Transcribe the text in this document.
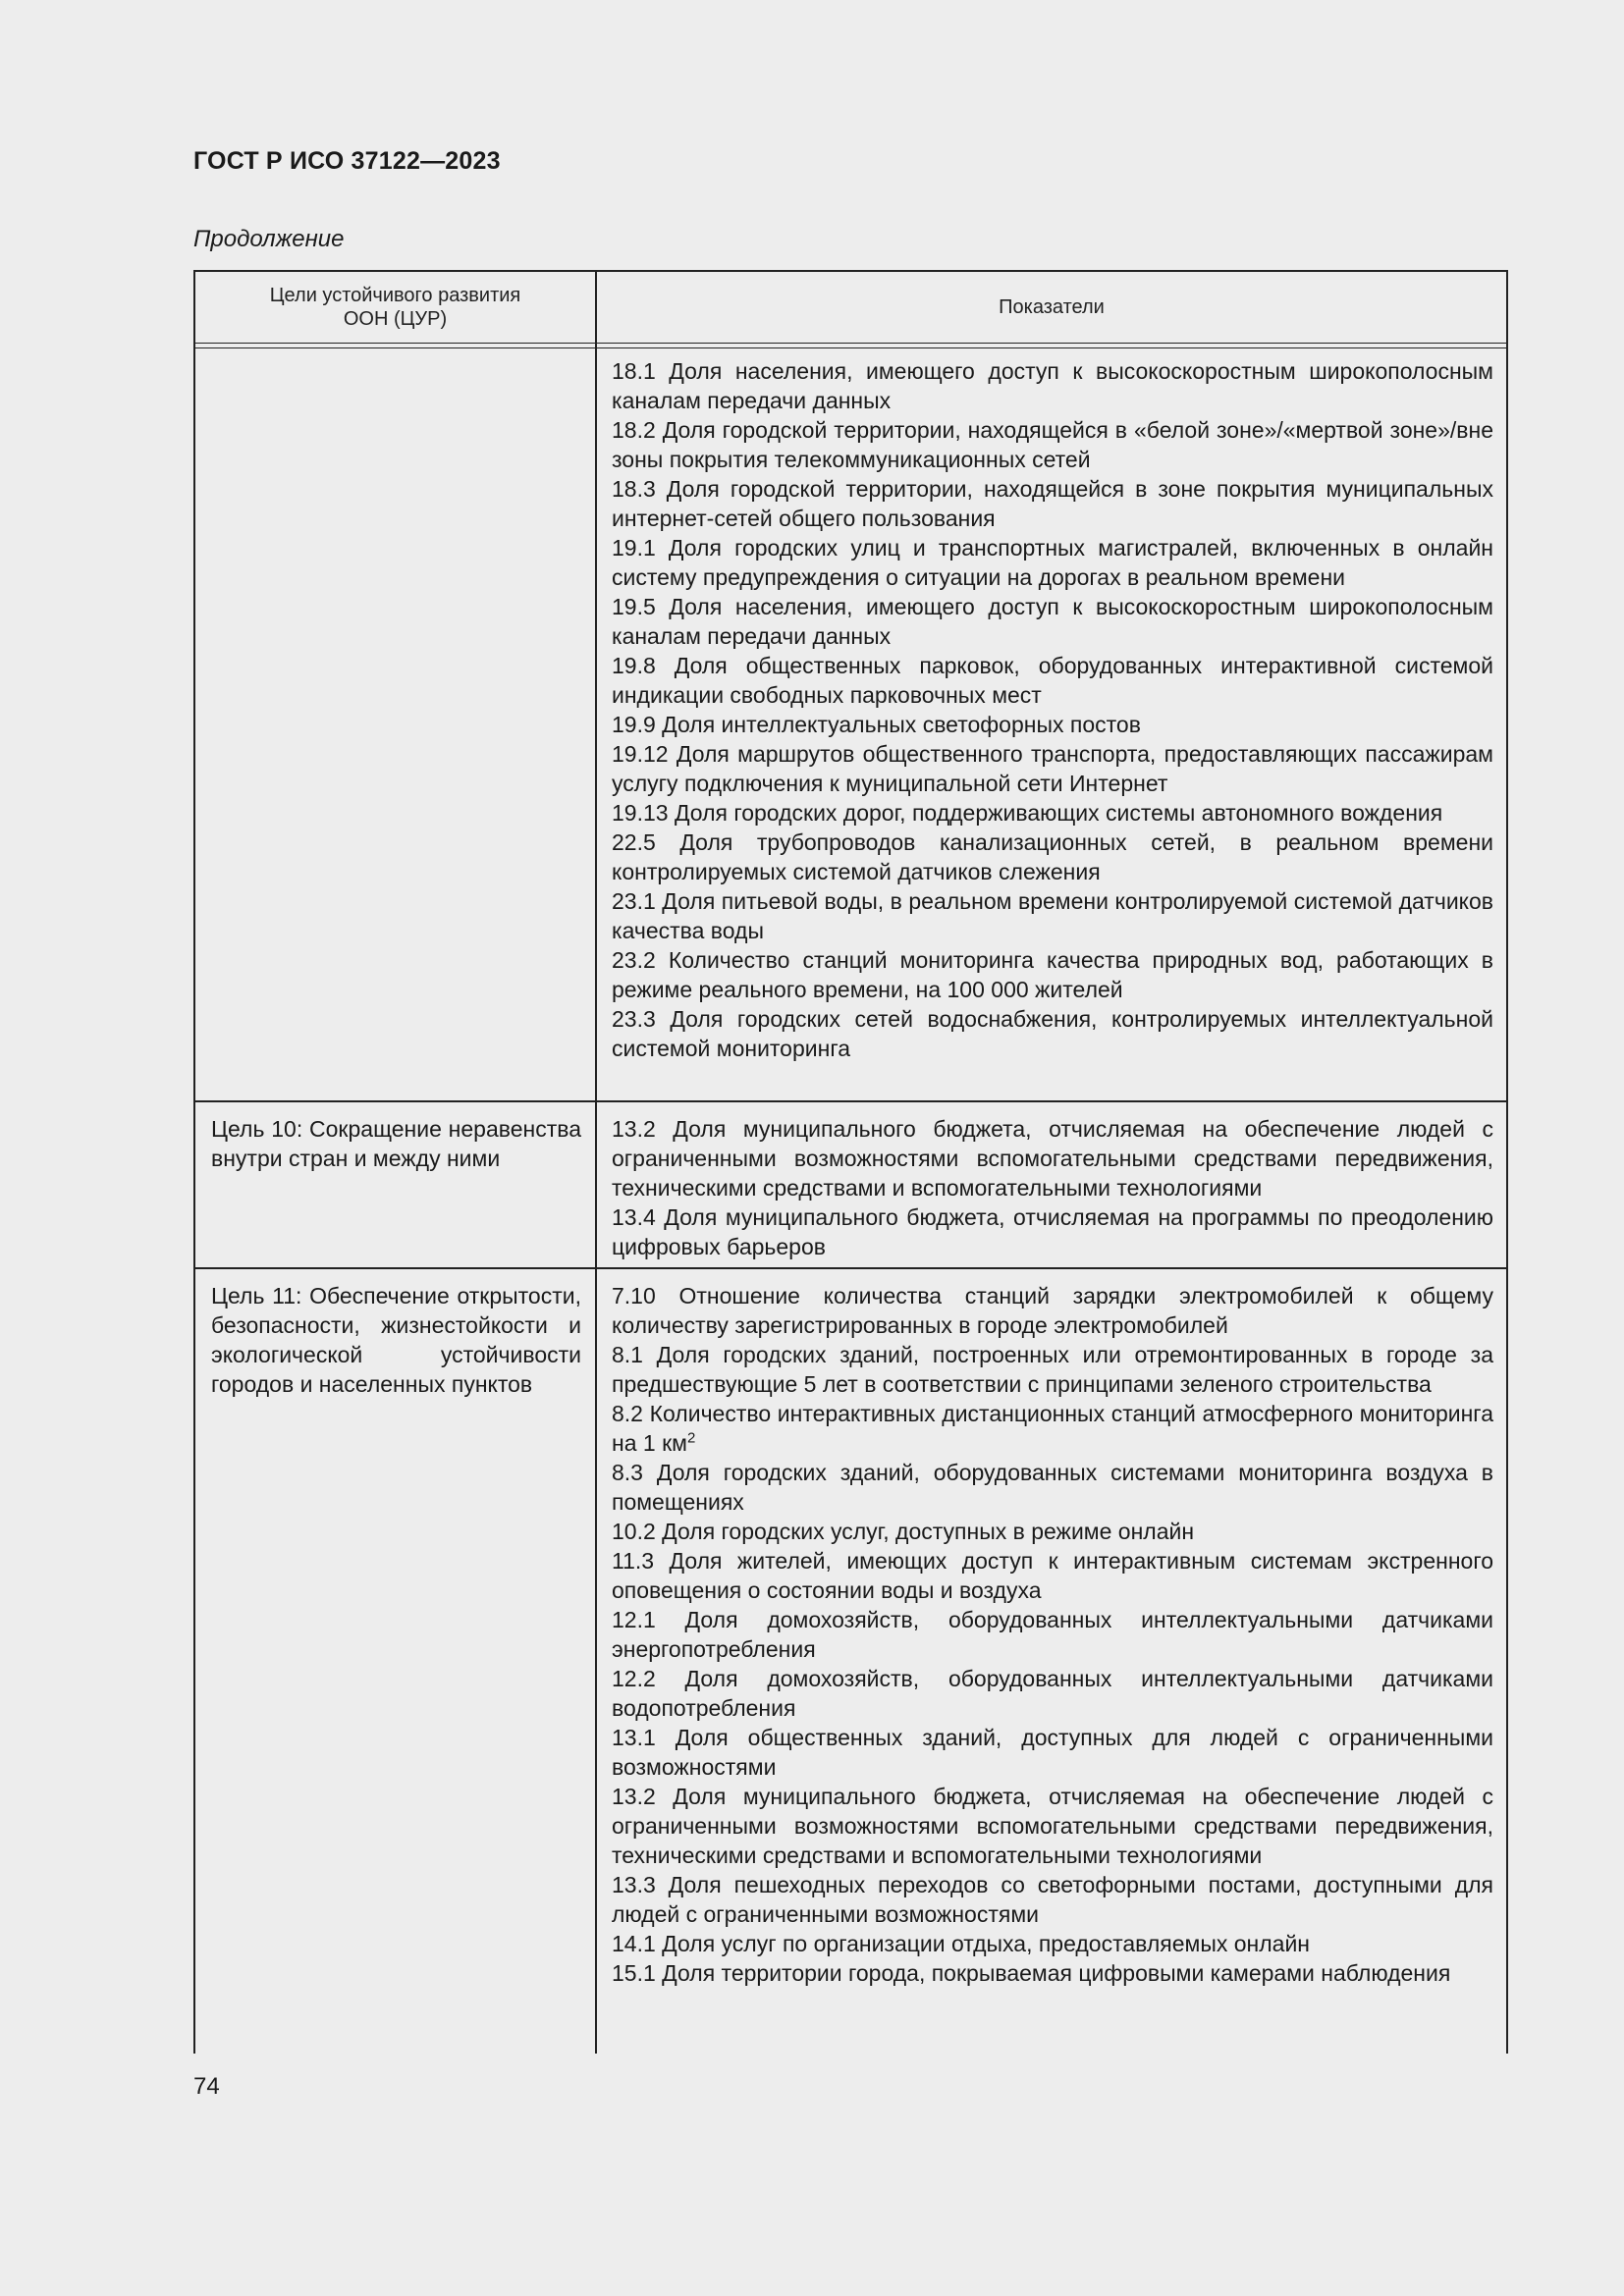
ГОСТ Р ИСО 37122—2023
Продолжение
Цели устойчивого развития ООН (ЦУР)
Показатели
18.1 Доля населения, имеющего доступ к высокоскоростным широкополосным каналам передачи данных
18.2 Доля городской территории, находящейся в «белой зоне»/«мертвой зоне»/вне зоны покрытия телекоммуникационных сетей
18.3 Доля городской территории, находящейся в зоне покрытия муниципальных интернет-сетей общего пользования
19.1 Доля городских улиц и транспортных магистралей, включенных в онлайн систему предупреждения о ситуации на дорогах в реальном времени
19.5 Доля населения, имеющего доступ к высокоскоростным широкополосным каналам передачи данных
19.8 Доля общественных парковок, оборудованных интерактивной системой индикации свободных парковочных мест
19.9 Доля интеллектуальных светофорных постов
19.12 Доля маршрутов общественного транспорта, предоставляющих пассажирам услугу подключения к муниципальной сети Интернет
19.13 Доля городских дорог, поддерживающих системы автономного вождения
22.5 Доля трубопроводов канализационных сетей, в реальном времени контролируемых системой датчиков слежения
23.1 Доля питьевой воды, в реальном времени контролируемой системой датчиков качества воды
23.2 Количество станций мониторинга качества природных вод, работающих в режиме реального времени, на 100 000 жителей
23.3 Доля городских сетей водоснабжения, контролируемых интеллектуальной системой мониторинга
Цель 10: Сокращение неравенства внутри стран и между ними
13.2 Доля муниципального бюджета, отчисляемая на обеспечение людей с ограниченными возможностями вспомогательными средствами передвижения, техническими средствами и вспомогательными технологиями
13.4 Доля муниципального бюджета, отчисляемая на программы по преодолению цифровых барьеров
Цель 11: Обеспечение открытости, безопасности, жизнестойкости и экологической устойчивости городов и населенных пунктов
7.10 Отношение количества станций зарядки электромобилей к общему количеству зарегистрированных в городе электромобилей
8.1 Доля городских зданий, построенных или отремонтированных в городе за предшествующие 5 лет в соответствии с принципами зеленого строительства
8.2 Количество интерактивных дистанционных станций атмосферного мониторинга на 1 $км^2$
8.3 Доля городских зданий, оборудованных системами мониторинга воздуха в помещениях
10.2 Доля городских услуг, доступных в режиме онлайн
11.3 Доля жителей, имеющих доступ к интерактивным системам экстренного оповещения о состоянии воды и воздуха
12.1 Доля домохозяйств, оборудованных интеллектуальными датчиками энергопотребления
12.2 Доля домохозяйств, оборудованных интеллектуальными датчиками водопотребления
13.1 Доля общественных зданий, доступных для людей с ограниченными возможностями
13.2 Доля муниципального бюджета, отчисляемая на обеспечение людей с ограниченными возможностями вспомогательными средствами передвижения, техническими средствами и вспомогательными технологиями
13.3 Доля пешеходных переходов со светофорными постами, доступными для людей с ограниченными возможностями
14.1 Доля услуг по организации отдыха, предоставляемых онлайн
15.1 Доля территории города, покрываемая цифровыми камерами наблюдения
74
